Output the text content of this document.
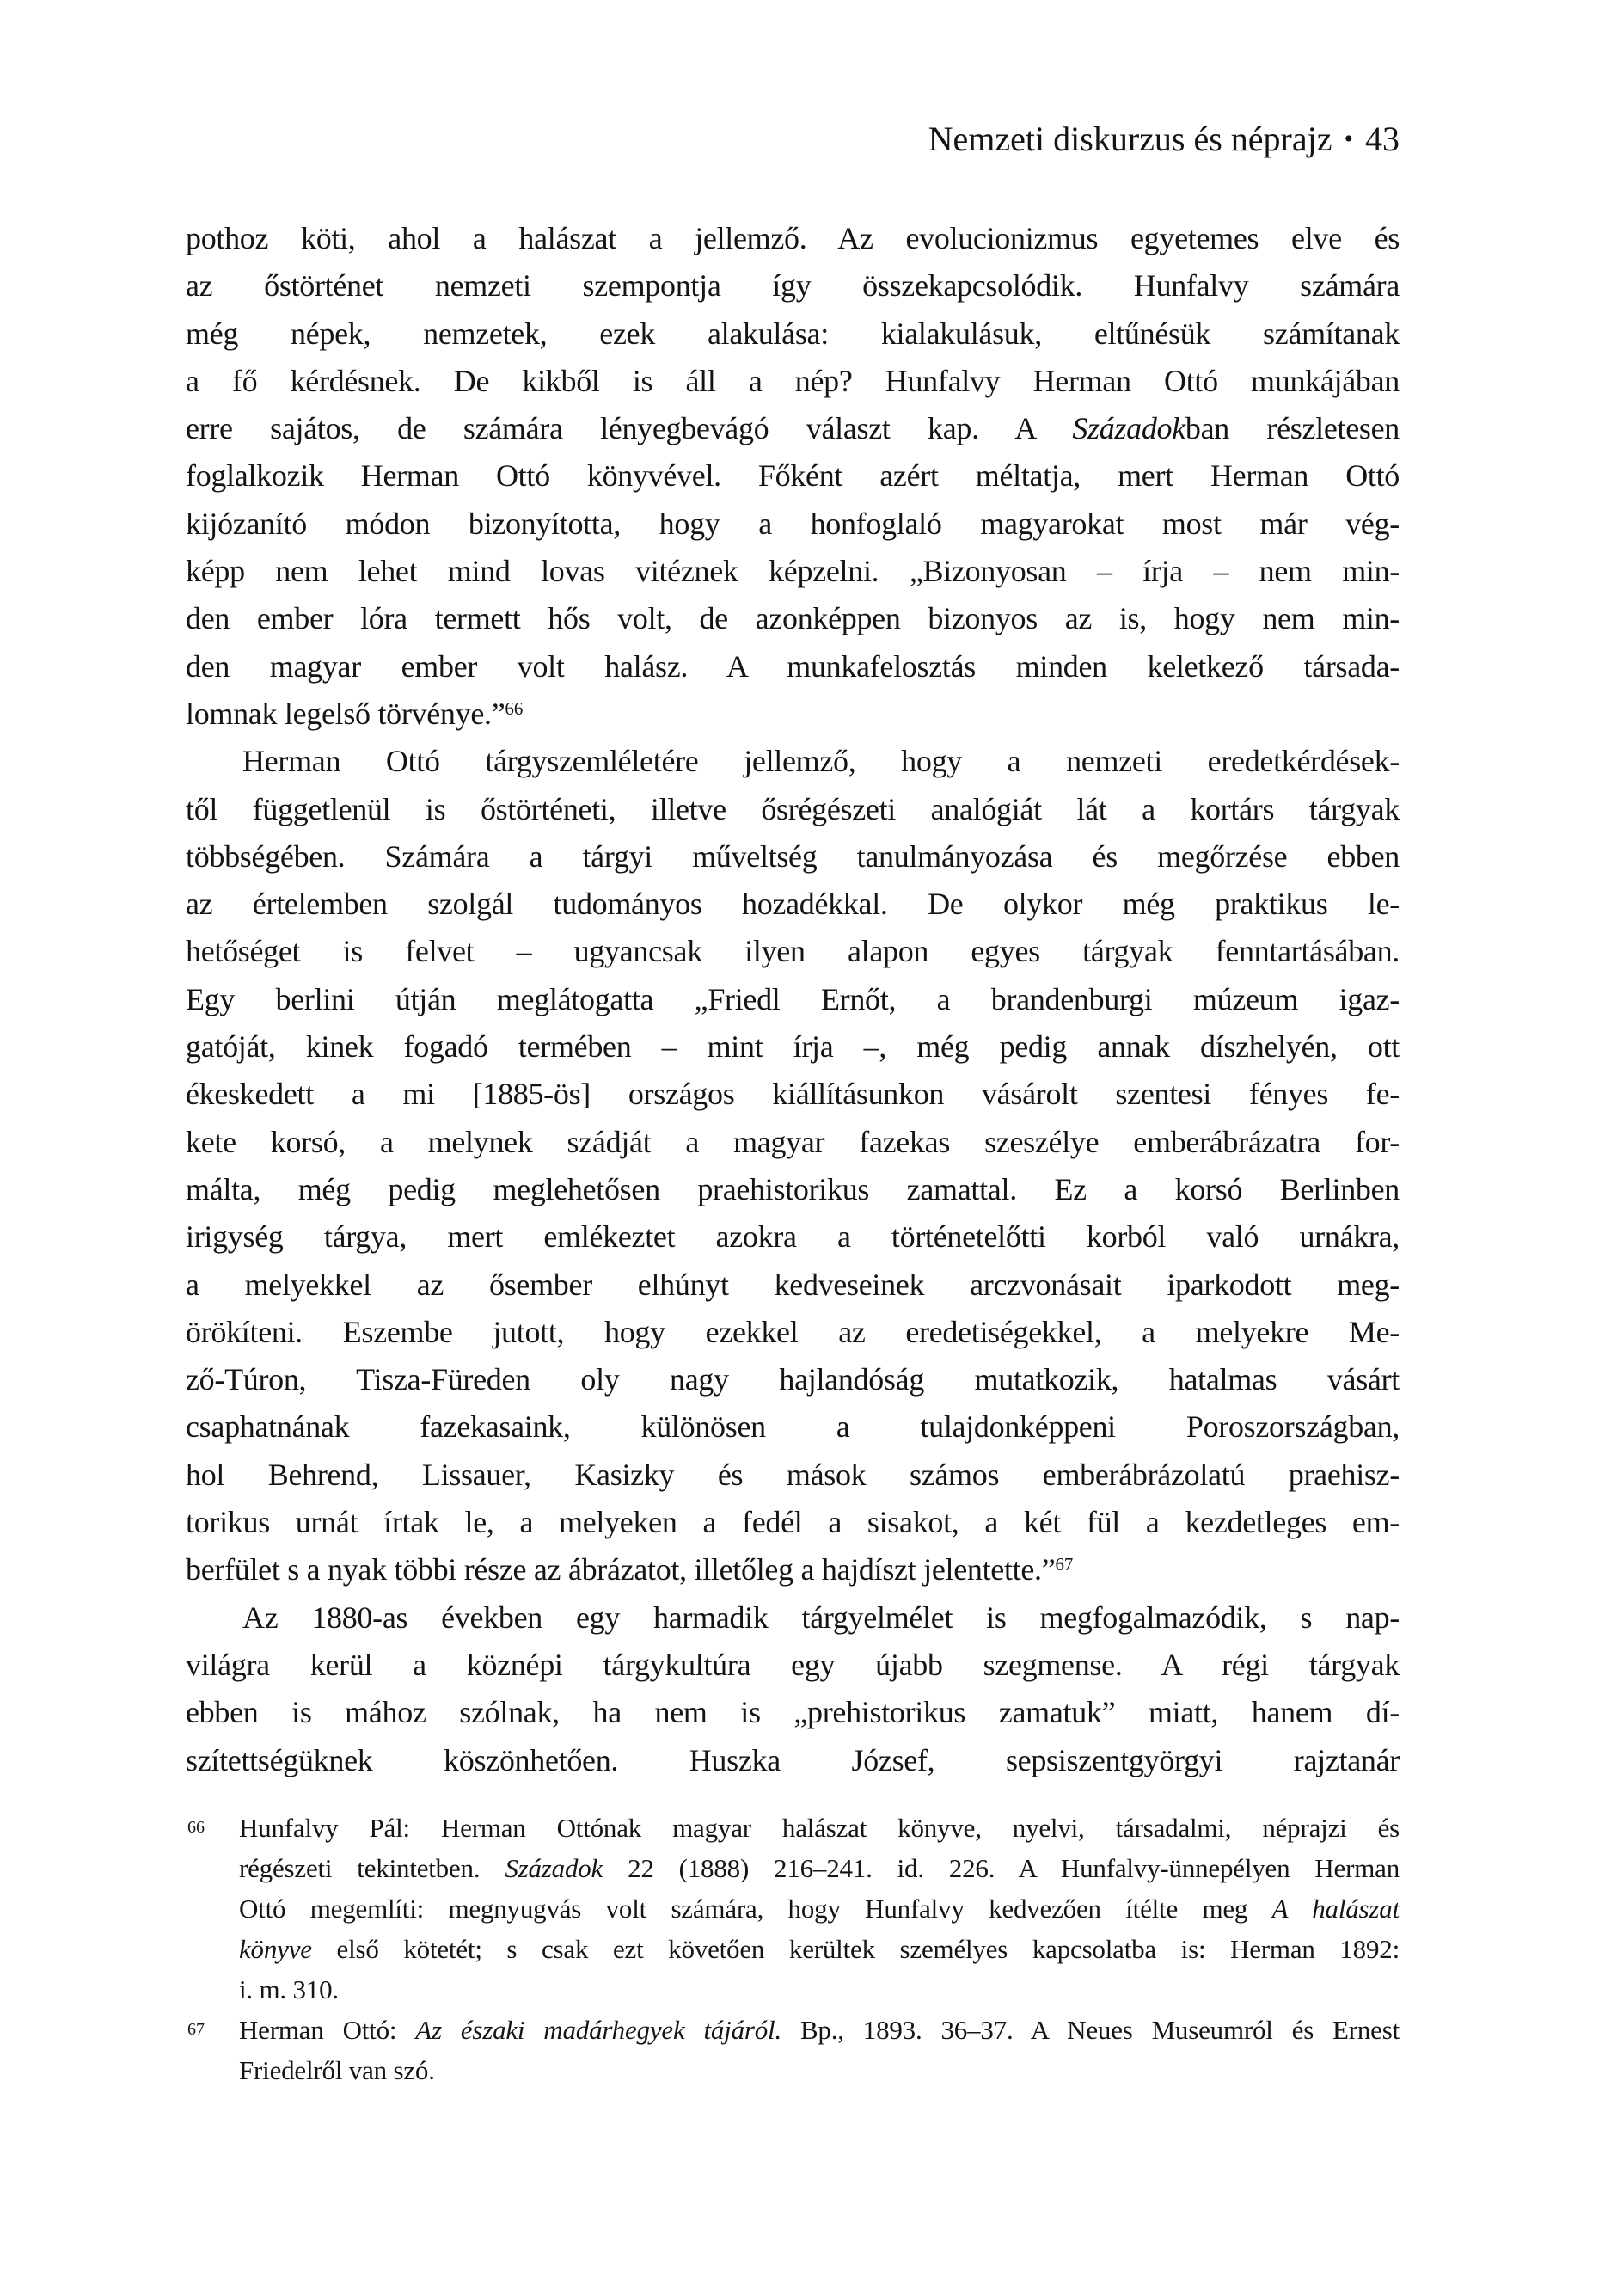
Nemzeti diskurzus és néprajz • 43
pothoz köti, ahol a halászat a jellemző. Az evolucionizmus egyetemes elve és
az őstörténet nemzeti szempontja így összekapcsolódik. Hunfalvy számára
még népek, nemzetek, ezek alakulása: kialakulásuk, eltűnésük számítanak
a fő kérdésnek. De kikből is áll a nép? Hunfalvy Herman Ottó munkájában
erre sajátos, de számára lényegbevágó választ kap. A Századokban részletesen
foglalkozik Herman Ottó könyvével. Főként azért méltatja, mert Herman Ottó
kijózanító módon bizonyította, hogy a honfoglaló magyarokat most már vég-
képp nem lehet mind lovas vitéznek képzelni. „Bizonyosan – írja – nem min-
den ember lóra termett hős volt, de azonképpen bizonyos az is, hogy nem min-
den magyar ember volt halász. A munkafelosztás minden keletkező társada-
lomnak legelső törvénye.”$^{66}$
Herman Ottó tárgyszemléletére jellemző, hogy a nemzeti eredetkérdések-
től függetlenül is őstörténeti, illetve ősrégészeti analógiát lát a kortárs tárgyak
többségében. Számára a tárgyi műveltség tanulmányozása és megőrzése ebben
az értelemben szolgál tudományos hozadékkal. De olykor még praktikus le-
hetőséget is felvet – ugyancsak ilyen alapon egyes tárgyak fenntartásában.
Egy berlini útján meglátogatta „Friedl Ernőt, a brandenburgi múzeum igaz-
gatóját, kinek fogadó termében – mint írja –, még pedig annak díszhelyén, ott
ékeskedett a mi [1885-ös] országos kiállításunkon vásárolt szentesi fényes fe-
kete korsó, a melynek szádját a magyar fazekas szeszélye emberábrázatra for-
málta, még pedig meglehetősen praehistorikus zamattal. Ez a korsó Berlinben
irigység tárgya, mert emlékeztet azokra a történetelőtti korból való urnákra,
a melyekkel az ősember elhúnyt kedveseinek arczvonásait iparkodott meg-
örökíteni. Eszembe jutott, hogy ezekkel az eredetiségekkel, a melyekre Me-
ző-Túron, Tisza-Füreden oly nagy hajlandóság mutatkozik, hatalmas vásárt
csaphatnának fazekasaink, különösen a tulajdonképpeni Poroszországban,
hol Behrend, Lissauer, Kasizky és mások számos emberábrázolatú praehisz-
torikus urnát írtak le, a melyeken a fedél a sisakot, a két fül a kezdetleges em-
berfület s a nyak többi része az ábrázatot, illetőleg a hajdíszt jelentette.”$^{67}$
Az 1880-as években egy harmadik tárgyelmélet is megfogalmazódik, s nap-
világra kerül a köznépi tárgykultúra egy újabb szegmense. A régi tárgyak
ebben is mához szólnak, ha nem is „prehistorikus zamatuk” miatt, hanem dí-
szítettségüknek köszönhetően. Huszka József, sepsiszentgyörgyi rajztanár
66 Hunfalvy Pál: Herman Ottónak magyar halászat könyve, nyelvi, társadalmi, néprajzi és
régészeti tekintetben. Századok 22 (1888) 216–241. id. 226. A Hunfalvy-ünnepélyen Herman
Ottó megemlíti: megnyugvás volt számára, hogy Hunfalvy kedvezően ítélte meg A halászat
könyve első kötetét; s csak ezt követően kerültek személyes kapcsolatba is: Herman 1892:
i. m. 310.
67 Herman Ottó: Az északi madárhegyek tájáról. Bp., 1893. 36–37. A Neues Museumról és Ernest
Friedelről van szó.
